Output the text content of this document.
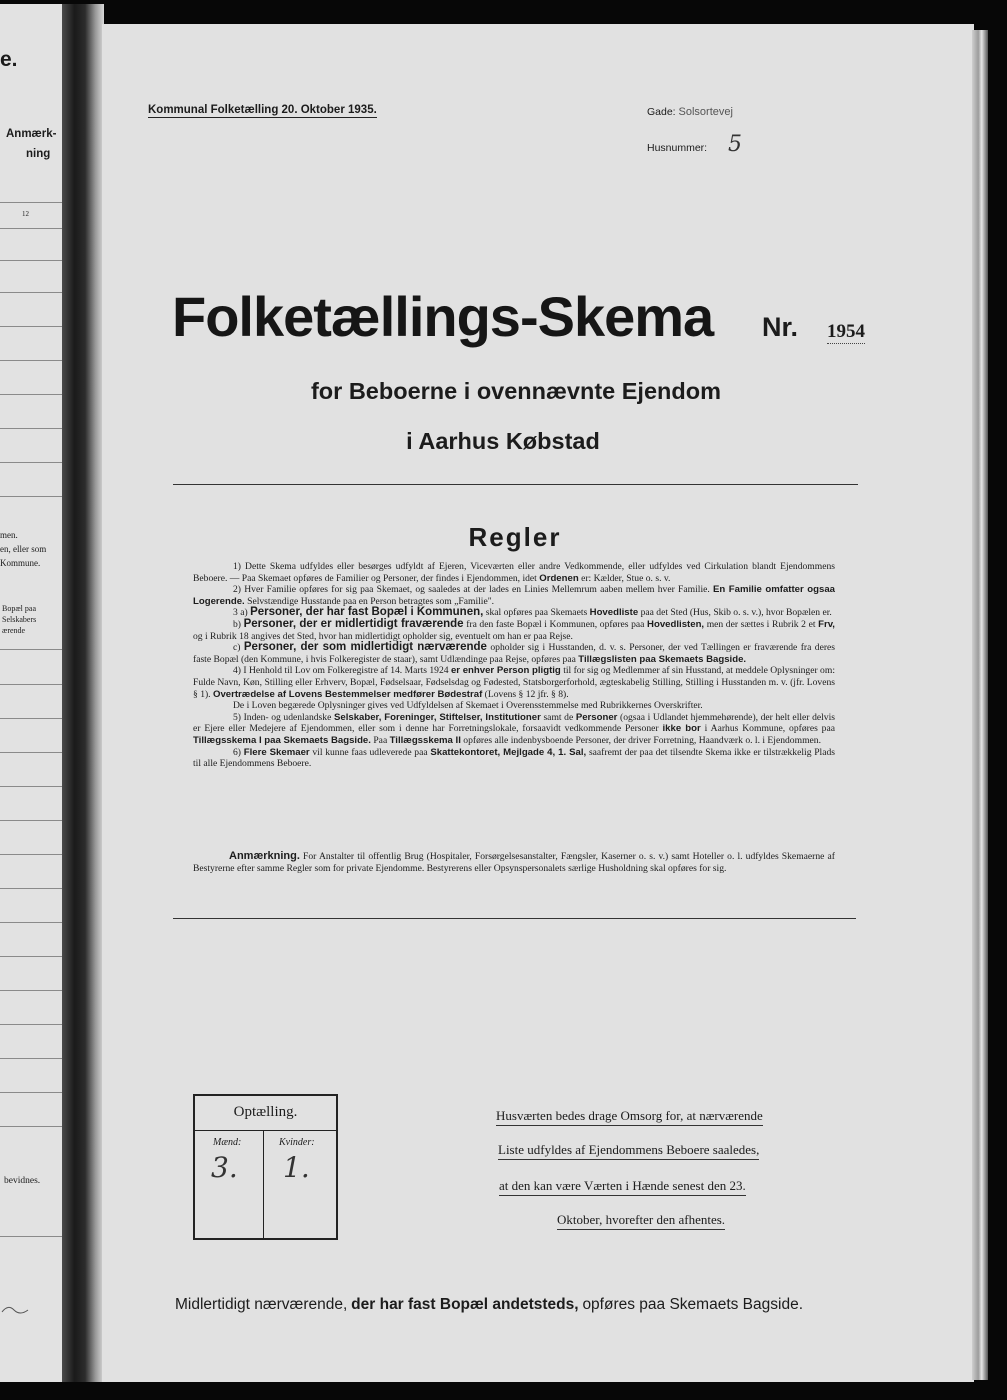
e.
Anmærk-
ning
12
men.
en, eller som
Kommune.
Bopæl paa
Selskabers
ærende
bevidnes.
Kommunal Folketælling 20. Oktober 1935.	Gade: Solsortevej
Husnummer: 5
Folketællings-Skema Nr. 1954
for Beboerne i ovennævnte Ejendom
i Aarhus Købstad
Regler

1) Dette Skema udfyldes eller besørges udfyldt af Ejeren, Viceværten eller andre Vedkommende, eller udfyldes ved Cirkulation blandt Ejendommens Beboere. — Paa Skemaet opføres de Familier og Personer, der findes i Ejendommen, idet Ordenen er: Kælder, Stue o. s. v.

2) Hver Familie opføres for sig paa Skemaet, og saaledes at der lades en Linies Mellemrum aaben mellem hver Familie. En Familie omfatter ogsaa Logerende. Selvstændige Husstande paa en Person betragtes som „Familie".

3 a) Personer, der har fast Bopæl i Kommunen, skal opføres paa Skemaets Hovedliste paa det Sted (Hus, Skib o. s. v.), hvor Bopælen er.

b) Personer, der er midlertidigt fraværende fra den faste Bopæl i Kommunen, opføres paa Hovedlisten, men der sættes i Rubrik 2 et Frv, og i Rubrik 18 angives det Sted, hvor han midlertidigt opholder sig, eventuelt om han er paa Rejse.

c) Personer, der som midlertidigt nærværende opholder sig i Husstanden, d. v. s. Personer, der ved Tællingen er fraværende fra deres faste Bopæl (den Kommune, i hvis Folkeregister de staar), samt Udlændinge paa Rejse, opføres paa Tillægslisten paa Skemaets Bagside.

4) I Henhold til Lov om Folkeregistre af 14. Marts 1924 er enhver Person pligtig til for sig og Medlemmer af sin Husstand, at meddele Oplysninger om: Fulde Navn, Køn, Stilling eller Erhverv, Bopæl, Fødselsaar, Fødselsdag og Fødested, Statsborgerforhold, ægteskabelig Stilling, Stilling i Husstanden m. v. (jfr. Lovens § 1). Overtrædelse af Lovens Bestemmelser medfører Bødestraf (Lovens § 12 jfr. § 8).

De i Loven begærede Oplysninger gives ved Udfyldelsen af Skemaet i Overensstemmelse med Rubrikkernes Overskrifter.

5) Inden- og udenlandske Selskaber, Foreninger, Stiftelser, Institutioner samt de Personer (ogsaa i Udlandet hjemmehørende), der helt eller delvis er Ejere eller Medejere af Ejendommen, eller som i denne har Forretningslokale, forsaavidt vedkommende Personer ikke bor i Aarhus Kommune, opføres paa Tillægsskema I paa Skemaets Bagside. Paa Tillægsskema II opføres alle indenbysboende Personer, der driver Forretning, Haandværk o. l. i Ejendommen.

6) Flere Skemaer vil kunne faas udleverede paa Skattekontoret, Mejlgade 4, 1. Sal, saafremt der paa det tilsendte Skema ikke er tilstrækkelig Plads til alle Ejendommens Beboere.

Anmærkning. For Anstalter til offentlig Brug (Hospitaler, Forsørgelsesanstalter, Fængsler, Kaserner o. s. v.) samt Hoteller o. l. udfyldes Skemaerne af Bestyrerne efter samme Regler som for private Ejendomme. Bestyrerens eller Opsynspersonalets særlige Husholdning skal opføres for sig.
Optælling.
Mænd:	Kvinder:
3. 1.
Husværten bedes drage Omsorg for, at nærværende
Liste udfyldes af Ejendommens Beboere saaledes,
at den kan være Værten i Hænde senest den 23.
Oktober, hvorefter den afhentes.
Midlertidigt nærværende, der har fast Bopæl andetsteds, opføres paa Skemaets Bagside.
